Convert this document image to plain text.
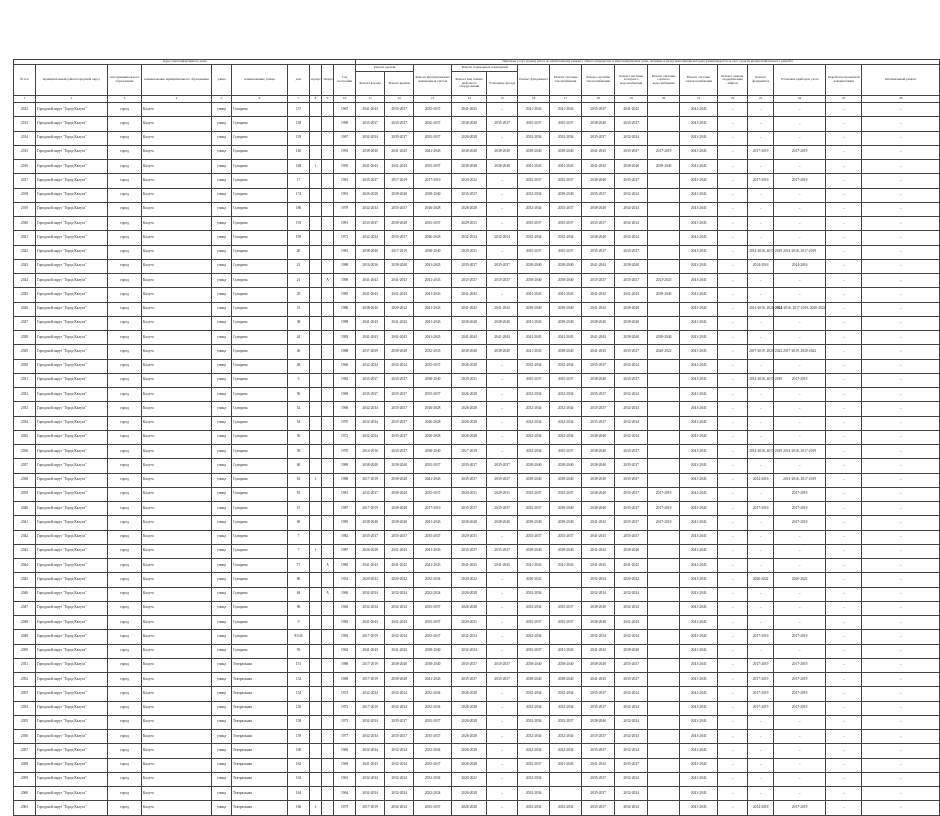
Адрес многоквартирного дома										Перечень услуг и (или) работ по капитальному ремонту общего имущества в многоквартирном доме, оказание и (или) выполнение которых финансируется за счет средств фонда капитального ремонта															
№ п/п	муниципальный район/городской округ	тип муниципального образования	наименование муниципального образования	улица	наименование улицы	дом	корпус	литера	Год постройки	Ремонт кровли		Ремонт внутридомовых инженерных систем	Ремонт подвальных помещений		Ремонт фундамента	Ремонт системы газоснабжения	Ремонт системы теплоснабжения	Ремонт системы холодного водоснабжения	Ремонт системы горячего водоснабжения	Ремонт системы электроснабжения	Ремонт, замена, модернизация лифтов	Ремонт фундамента	Установка приборов учета	Разработка проектной документации	Оптимальный ремонт
										Ремонт фасада	Ремонт крыши		Ремонт или замена лифтового оборудования	Утепление фасада											
1	2	3	4	5	6	7	8	9	10	11	12	13	14	15	16	17	18	19	20	21	22	23	24	25	26
2012	Городской округ "Город Калуга"	город	Калуга	улица	Суворова	137			1967	2041-2043	2035-2037	2035-2037	2041-2043	–	2041-2043	2041-2043	2035-2037	2041-2043		2041-2043	–	–	–	–	–
2013	Городской округ "Город Калуга"	город	Калуга	улица	Суворова	138			1990	2035-2037	2035-2037	2035-2037	2038-2040	2035-2037	2035-2037	2035-2037	2038-2040	2035-2037		2041-2043	–	–	–	–	–
2014	Городской округ "Город Калуга"	город	Калуга	улица	Суворова	139			1967	2032-2034	2035-2037	2035-2037	2026-2028	–	2032-2034	2032-2034	2035-2037	2032-2034		2041-2043	–	–	–	–	–
2015	Городской округ "Город Калуга"	город	Калуга	улица	Суворова	140			1992	2038-2040	2041-2043	2041-2043	2038-2040	2038-2040	2038-2040	2038-2040	2041-2043	2035-2037	2017-2019	2041-2043	–	2017-2019	2017-2019	–	–
2016	Городской округ "Город Калуга"	город	Калуга	улица	Суворова	168	1		1995	2041-2043	2041-2043	2035-2037	2038-2040	2038-2040	2041-2043	2041-2043	2041-2043	2038-2040	2038-2040	2041-2043	–	–	–	–	–
2017	Городской округ "Город Калуга"	город	Калуга	улица	Суворова	17			1981	2035-2037	2017-2019	2017-2019	2020-2022	–	2035-2037	2035-2037	2038-2040	2035-2037		2041-2043	–	2017-2019	2017-2019	–	–
2018	Городской округ "Город Калуга"	город	Калуга	улица	Суворова	174			1991	2026-2028	2038-2040	2038-2040	2035-2037	–	2032-2034	2038-2040	2035-2037	2032-2034		2041-2043	–	–	–	–	–
2019	Городской округ "Город Калуга"	город	Калуга	улица	Суворова	186			1979	2032-2034	2035-2037	2026-2028	2026-2028	–	2032-2034	2035-2037	2038-2040	2032-2034		2041-2043	–	–	–	–	–
2020	Городской округ "Город Калуга"	город	Калуга	улица	Суворова	193			1981	2035-2037	2038-2040	2035-2037	2029-2031	–	2035-2037	2035-2037	2035-2037	2032-2034		2041-2043	–	–	–	–	–
2021	Городской округ "Город Калуга"	город	Калуга	улица	Суворова	199			1972	2032-2034	2035-2037	2026-2028	2032-2034	2032-2034	2032-2034	2032-2034	2038-2040	2032-2034		2041-2043	–	–	–	–	–
2022	Городской округ "Город Калуга"	город	Калуга	улица	Суворова	20			1981	2038-2040	2017-2019	2038-2040	2029-2031	–	2035-2037	2035-2037	2035-2037	2035-2037		2041-2043	–	2014-2016, 2017-2019	2014-2016, 2017-2019	–	–
2023	Городской округ "Город Калуга"	город	Калуга	улица	Суворова	21			1980	2014-2016	2038-2040	2041-2043	2035-2037	2035-2037	2038-2040	2038-2040	2041-2043	2038-2040		2041-2043	–	2014-2016	2014-2016	–	–
2024	Городской округ "Город Калуга"	город	Калуга	улица	Суворова	21		А	1990	2041-2043	2041-2043	2041-2043	2035-2037	2035-2037	2038-2040	2038-2040	2035-2037	2035-2037	2023-2025	2041-2043	–	–	–	–	–
2025	Городской округ "Город Калуга"	город	Калуга	улица	Суворова	29			1985	2041-2043	2041-2043	2041-2043	2041-2043	–	2041-2043	2041-2043	2041-2043	2041-2043	2038-2040	2041-2043	–	–	–	–	–
2026	Городской округ "Город Калуга"	город	Калуга	улица	Суворова	31			1986	2038-2040	2020-2022	2041-2043	2041-2043	2041-2043	2038-2040	2038-2040	2041-2043	2038-2040		2041-2043	–	2014-2016, 2020-2022	2014-2016, 2017-2019, 2020-2022	–	–
2027	Городской округ "Город Калуга"	город	Калуга	улица	Суворова	38			1989	2041-2043	2041-2043	2041-2043	2038-2040	2038-2040	2041-2043	2038-2040	2038-2040	2038-2040		2041-2043	–	–	–	–	–
2028	Городской округ "Город Калуга"	город	Калуга	улица	Суворова	44			1983	2041-2043	2041-2043	2041-2043	2041-2043	2041-2043	2041-2043	2041-2043	2041-2043	2038-2040	2038-2040	2041-2043	–	–	–	–	–
2029	Городской округ "Город Калуга"	город	Калуга	улица	Суворова	46			1988	2037-2039	2038-2040	2032-2035	2038-2040	2038-2040	2041-2043	2038-2040	2041-2043	2035-2037	2020-2022	2041-2043	–	2017-2019, 2020-2022	2017-2019, 2020-2022	–	–
2030	Городской округ "Город Калуга"	город	Калуга	улица	Суворова	48			1966	2032-2034	2032-2034	2035-2037	2026-2028	–	2032-2034	2032-2034	2035-2037	2032-2034		2041-2043	–	–	–	–	–
2031	Городской округ "Город Калуга"	город	Калуга	улица	Суворова	5			1982	2035-2037	2035-2037	2038-2040	2029-2031	–	2035-2037	2035-2037	2038-2040	2035-2037		2041-2043	–	2014-2016, 2017-2019	2017-2019	–	–
2032	Городской округ "Город Калуга"	город	Калуга	улица	Суворова	50			1969	2035-2037	2035-2037	2035-2037	2026-2028	–	2032-2034	2032-2034	2035-2037	2032-2034		2041-2043	–	–	–	–	–
2033	Городской округ "Город Калуга"	город	Калуга	улица	Суворова	52			1968	2032-2034	2035-2037	2026-2028	2026-2028	–	2032-2034	2032-2034	2035-2037	2032-2034		2041-2043	–	–	–	–	–
2034	Городской округ "Город Калуга"	город	Калуга	улица	Суворова	54			1970	2032-2034	2035-2037	2026-2028	2026-2028	–	2032-2034	2032-2034	2035-2037	2032-2034		2041-2043	–	–	–	–	–
2035	Городской округ "Город Калуга"	город	Калуга	улица	Суворова	56			1972	2032-2034	2035-2037	2026-2028	2026-2028	–	2032-2034	2032-2034	2038-2040	2032-2034		2041-2043	–	–	–	–	–
2036	Городской округ "Город Калуга"	город	Калуга	улица	Суворова	59			1970	2014-2016	2035-2037	2038-2040	2017-2019	–	2032-2034	2035-2037	2038-2040	2035-2037		2041-2043	–	2014-2016, 2017-2019	2014-2016, 2017-2019	–	–
2037	Городской округ "Город Калуга"	город	Калуга	улица	Суворова	60			1989	2038-2040	2038-2040	2035-2037	2035-2037	2035-2037	2038-2040	2038-2040	2038-2040	2035-2037		2041-2043	–	–	–	–	–
2038	Городской округ "Город Калуга"	город	Калуга	улица	Суворова	63	1		1988	2017-2019	2038-2040	2041-2043	2035-2037	2035-2037	2038-2040	2038-2040	2038-2040	2035-2037		2041-2043	–	2014-2016	2014-2016, 2017-2019	–	–
2039	Городской округ "Город Калуга"	город	Калуга	улица	Суворова	65			1981	2035-2037	2038-2040	2035-2037	2029-2031	2029-2031	2035-2037	2035-2037	2038-2040	2035-2037	2017-2019	2041-2043	–	–	2017-2019	–	–
2040	Городской округ "Город Калуга"	город	Калуга	улица	Суворова	67			1987	2017-2019	2038-2040	2017-2019	2035-2037	2035-2037	2035-2037	2038-2040	2038-2040	2035-2037	2017-2019	2041-2043	–	2017-2019	2017-2019	–	–
2041	Городской округ "Город Калуга"	город	Калуга	улица	Суворова	69			1985	2038-2040	2038-2040	2041-2043	2038-2040	2038-2040	2038-2040	2038-2040	2041-2043	2035-2037	2017-2019	2041-2043	–	–	2017-2019	–	–
2042	Городской округ "Город Калуга"	город	Калуга	улица	Суворова	7			1982	2035-2037	2035-2037	2035-2037	2029-2031	–	2035-2037	2035-2037	2041-2043	2035-2037		2041-2043	–	–	–	–	–
2043	Городской округ "Город Калуга"	город	Калуга	улица	Суворова	7	1		1987	2026-2028	2041-2043	2041-2043	2035-2037	2035-2037	2038-2040	2038-2040	2041-2043	2038-2040		2041-2043	–	–	–	–	–
2044	Городской округ "Город Калуга"	город	Калуга	улица	Суворова	71		А	1985	2041-2043	2041-2043	2041-2043	2041-2043	2041-2043	2041-2043	2041-2043	2041-2043	2041-2043		2041-2043	–	–	–	–	–
2045	Городской округ "Город Калуга"	город	Калуга	улица	Суворова	80			1954	2020-2022	2020-2022	2032-2034	2020-2022	–	2020-2022		2032-2034	2020-2022		2041-2043	–	2020-2022	2020-2022	–	–
2046	Городской округ "Город Калуга"	город	Калуга	улица	Суворова	84		А	1960	2032-2034	2032-2034	2032-2034	2026-2028	–	2032-2034		2032-2034	2032-2034		2041-2043	–	–	–	–	–
2047	Городской округ "Город Калуга"	город	Калуга	улица	Суворова	86			1965	2032-2034	2032-2034	2035-2037	2026-2028	–	2032-2034	2035-2037	2038-2040	2032-2034		2041-2043	–	–	–	–	–
2048	Городской округ "Город Калуга"	город	Калуга	улица	Суворова	9			1982	2041-2043	2041-2043	2035-2037	2029-2031	–	2035-2037	2035-2037	2038-2040	2041-2043		2041-2043	–	–	–	–	–
2049	Городской округ "Город Калуга"	город	Калуга	улица	Суворова	93/26			1983	2017-2019	2032-2034	2035-2037	2032-2034	–	2032-2034		2032-2034	2032-2034		2041-2043	–	2017-2019	2017-2019	–	–
2050	Городской округ "Город Калуга"	город	Калуга	улица	Суворова	95			1962	2041-2043	2041-2043	2038-2040	2032-2034	–	2035-2037	2041-2043	2041-2043	2038-2040		2041-2043	–	–	–	–	–
2051	Городской округ "Город Калуга"	город	Калуга	улица	Театральная	151			1988	2017-2019	2038-2040	2038-2040	2035-2037	2035-2037	2038-2040	2038-2040	2038-2040	2035-2037		2041-2043	–	2017-2019	2017-2019	–	–
2052	Городской округ "Город Калуга"	город	Калуга	улица	Театральная	152			1989	2017-2019	2038-2040	2041-2043	2035-2037	2035-2037	2038-2040	2038-2040	2041-2043	2035-2037		2041-2043	–	2017-2019	2017-2019	–	–
2053	Городской округ "Город Калуга"	город	Калуга	улица	Театральная	154			1974	2032-2034	2032-2034	2032-2034	2026-2028	–	2032-2034	2032-2034	2035-2037	2032-2034		2041-2043	–	2017-2019	2017-2019	–	–
2054	Городской округ "Город Калуга"	город	Калуга	улица	Театральная	156			1972	2017-2019	2032-2034	2032-2034	2026-2028	–	2032-2034	2032-2034	2035-2037	2032-2034		2041-2043	–	2017-2019	2017-2019	–	–
2055	Городской округ "Город Калуга"	город	Калуга	улица	Театральная	158			1975	2032-2034	2035-2037	2035-2037	2026-2028	–	2032-2034	2035-2037	2038-2040	2032-2034		2041-2043	–	–	–	–	–
2056	Городской округ "Город Калуга"	город	Калуга	улица	Театральная	159			1977	2032-2034	2035-2037	2035-2037	2026-2028	–	2032-2034	2032-2034	2035-2037	2032-2034		2041-2043	–	–	–	–	–
2057	Городской округ "Город Калуга"	город	Калуга	улица	Театральная	160			1969	2032-2034	2032-2034	2032-2034	2026-2028	–	2032-2034	2032-2034	2035-2037	2032-2034		2041-2043	–	–	–	–	–
2058	Городской округ "Город Калуга"	город	Калуга	улица	Театральная	162			1969	2041-2043	2032-2034	2035-2037	2026-2028	–	2035-2037	2041-2043	2041-2043	2035-2037		2041-2043	–	–	–	–	–
2059	Городской округ "Город Калуга"	город	Калуга	улица	Театральная	163			1961	2032-2034	2032-2034	2032-2034	2020-2022	–	2032-2034		2035-2037	2032-2034		2041-2043	–	–	–	–	–
2060	Городской округ "Город Калуга"	город	Калуга	улица	Театральная	164			1964	2032-2034	2032-2034	2032-2034	2026-2028	–	2032-2034		2035-2037	2032-2034		2041-2043	–	–	–	–	–
2061	Городской округ "Город Калуга"	город	Калуга	улица	Театральная	166	1		1975	2017-2019	2032-2034	2035-2037	2026-2028	–	2032-2034	2032-2034	2035-2037	2032-2034		2041-2043	–	2014-2016	2017-2019	–	–
